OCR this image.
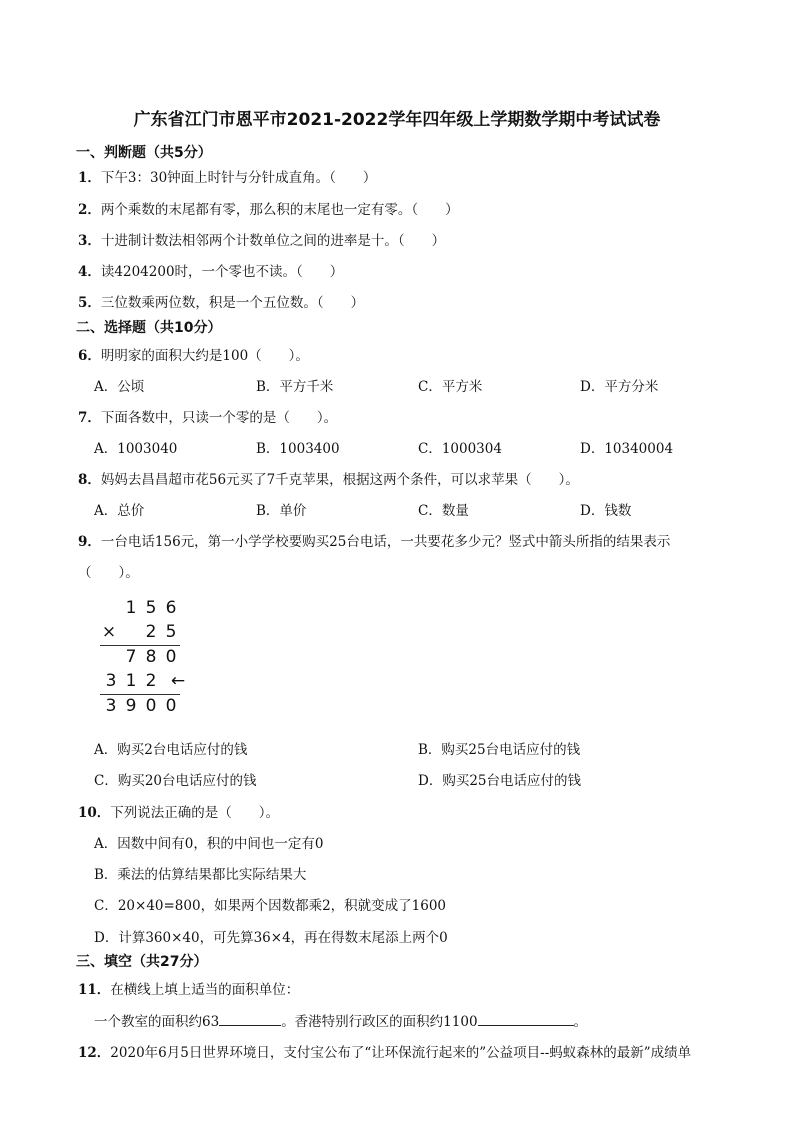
广东省江门市恩平市2021-2022学年四年级上学期数学期中考试试卷
一、判断题（共5分）
1．下午3：30钟面上时针与分针成直角。（　　）
2．两个乘数的末尾都有零，那么积的末尾也一定有零。（　　）
3．十进制计数法相邻两个计数单位之间的进率是十。（　　）
4．读4204200时，一个零也不读。（　　）
5．三位数乘两位数，积是一个五位数。（　　）
二、选择题（共10分）
6．明明家的面积大约是100（　　）。
A．公顷	B．平方千米	C．平方米	D．平方分米
7．下面各数中，只读一个零的是（　　）。
A．1003040	B．1003400	C．1000304	D．10340004
8．妈妈去昌昌超市花56元买了7千克苹果，根据这两个条件，可以求苹果（　　）。
A．总价	B．单价	C．数量	D．钱数
9．一台电话156元，第一小学学校要购买25台电话，一共要花多少元？竖式中箭头所指的结果表示
（　　）。
1 5 6
× 2 5
7 8 0
3 1 2 ←
3 9 0 0
A．购买2台电话应付的钱	B．购买25台电话应付的钱
C．购买20台电话应付的钱	D．购买25台电话应付的钱
10．下列说法正确的是（　　）。
A．因数中间有0，积的中间也一定有0
B．乘法的估算结果都比实际结果大
C．20×40=800，如果两个因数都乘2，积就变成了1600
D．计算360×40，可先算36×4，再在得数末尾添上两个0
三、填空（共27分）
11．在横线上填上适当的面积单位：
一个教室的面积约63	。香港特别行政区的面积约1100	。
12．2020年6月5日世界环境日，支付宝公布了“让环保流行起来的”公益项目--蚂蚁森林的最新”成绩单
